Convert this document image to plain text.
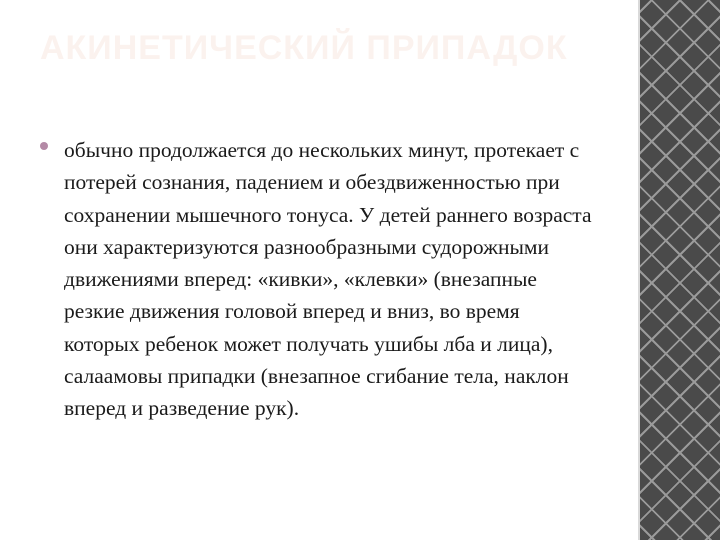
АКИНЕТИЧЕСКИЙ ПРИПАДОК

обычно продолжается до нескольких минут, протекает с потерей сознания, падением и обездвиженностью при сохранении мышечного тонуса. У детей раннего возраста они характеризуются разнообразными судорожными движениями вперед: «кивки», «клевки» (внезапные резкие движения головой вперед и вниз, во время которых ребенок может получать ушибы лба и лица), салаамовы припадки (внезапное сгибание тела, наклон вперед и разведение рук).
